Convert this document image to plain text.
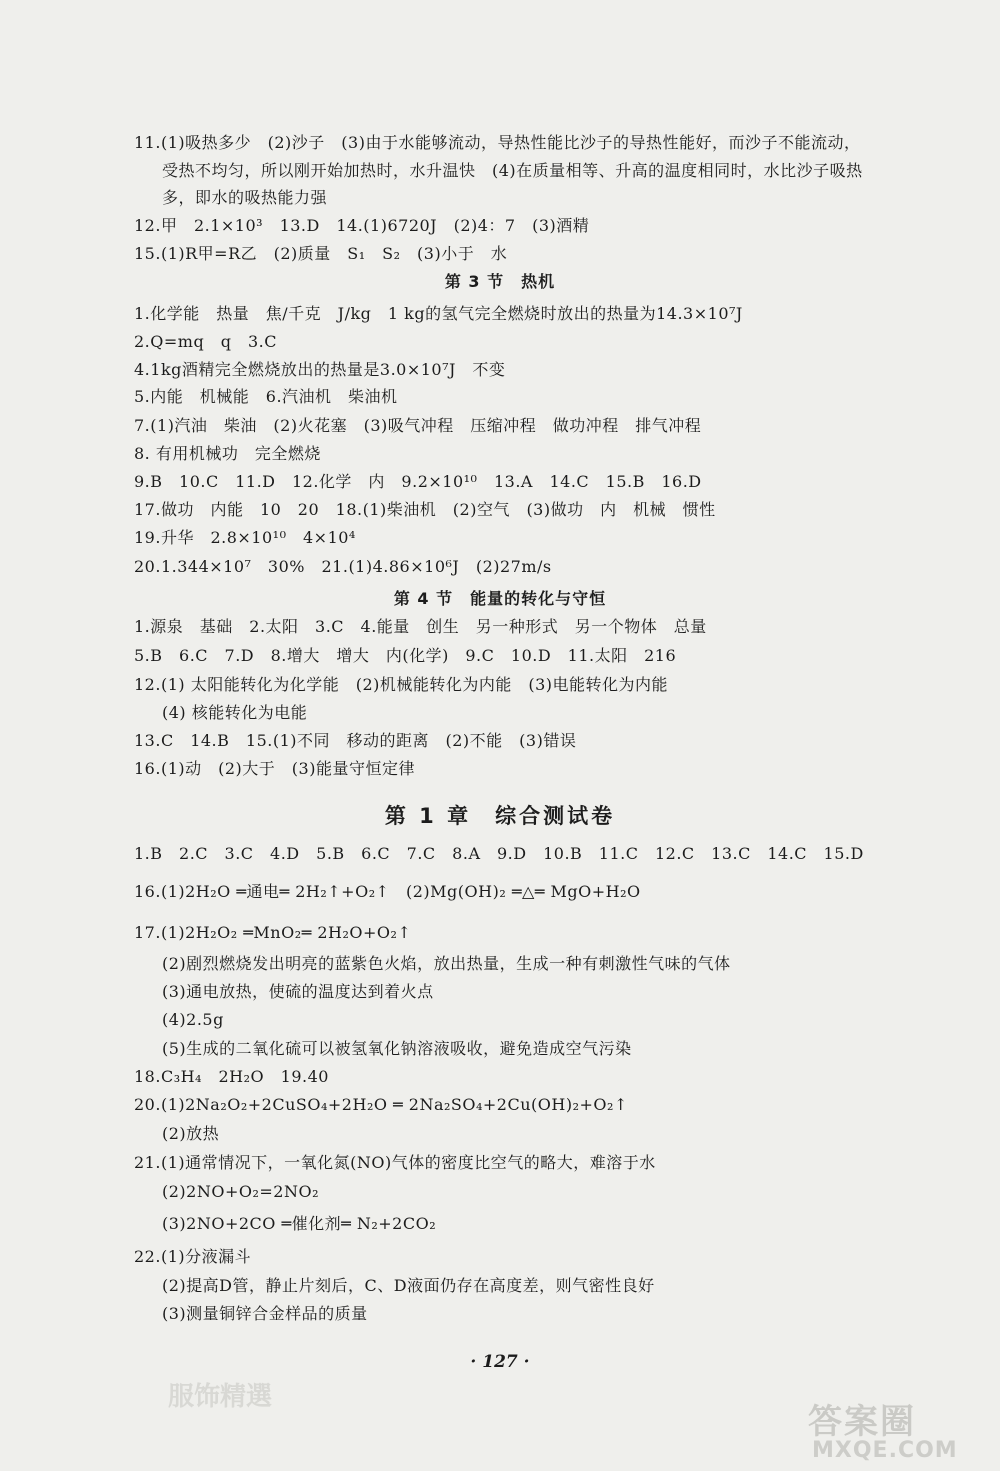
11.(1)吸热多少　(2)沙子　(3)由于水能够流动，导热性能比沙子的导热性能好，而沙子不能流动，
受热不均匀，所以刚开始加热时，水升温快　(4)在质量相等、升高的温度相同时，水比沙子吸热
多，即水的吸热能力强
12.甲　2.1×10³　13.D　14.(1)6720J　(2)4：7　(3)酒精
15.(1)R甲=R乙　(2)质量　S₁　S₂　(3)小于　水
第 3 节　热机
1.化学能　热量　焦/千克　J/kg　1 kg的氢气完全燃烧时放出的热量为14.3×10⁷J
2.Q=mq　q　3.C
4.1kg酒精完全燃烧放出的热量是3.0×10⁷J　不变
5.内能　机械能　6.汽油机　柴油机
7.(1)汽油　柴油　(2)火花塞　(3)吸气冲程　压缩冲程　做功冲程　排气冲程
8. 有用机械功　完全燃烧
9.B　10.C　11.D　12.化学　内　9.2×10¹⁰　13.A　14.C　15.B　16.D
17.做功　内能　10　20　18.(1)柴油机　(2)空气　(3)做功　内　机械　惯性
19.升华　2.8×10¹⁰　4×10⁴
20.1.344×10⁷　30%　21.(1)4.86×10⁶J　(2)27m/s
第 4 节　能量的转化与守恒
1.源泉　基础　2.太阳　3.C　4.能量　创生　另一种形式　另一个物体　总量
5.B　6.C　7.D　8.增大　增大　内(化学)　9.C　10.D　11.太阳　216
12.(1) 太阳能转化为化学能　(2)机械能转化为内能　(3)电能转化为内能
(4) 核能转化为电能
13.C　14.B　15.(1)不同　移动的距离　(2)不能　(3)错误
16.(1)动　(2)大于　(3)能量守恒定律
第 1 章　综合测试卷
1.B　2.C　3.C　4.D　5.B　6.C　7.C　8.A　9.D　10.B　11.C　12.C　13.C　14.C　15.D
16.(1)2H₂O ═通电═ 2H₂↑+O₂↑　(2)Mg(OH)₂ ═△═ MgO+H₂O
17.(1)2H₂O₂ ═MnO₂═ 2H₂O+O₂↑
(2)剧烈燃烧发出明亮的蓝紫色火焰，放出热量，生成一种有刺激性气味的气体
(3)通电放热，使硫的温度达到着火点
(4)2.5g
(5)生成的二氧化硫可以被氢氧化钠溶液吸收，避免造成空气污染
18.C₃H₄　2H₂O　19.40
20.(1)2Na₂O₂+2CuSO₄+2H₂O ═ 2Na₂SO₄+2Cu(OH)₂+O₂↑
(2)放热
21.(1)通常情况下，一氧化氮(NO)气体的密度比空气的略大，难溶于水
(2)2NO+O₂=2NO₂
(3)2NO+2CO ═催化剂═ N₂+2CO₂
22.(1)分液漏斗
(2)提高D管，静止片刻后，C、D液面仍存在高度差，则气密性良好
(3)测量铜锌合金样品的质量
· 127 ·
服饰精選
答案圈
MXQE.COM
